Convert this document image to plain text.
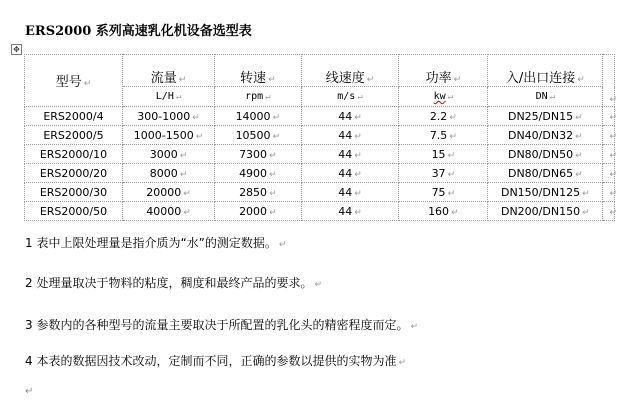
ERS2000 系列高速乳化机设备选型表
✥
型号 ↵	流量 ↵	转速 ↵	线速度 ↵	功率 ↵	入/出口连接 ↵	↵
	L/H ↵	rpm ↵	m/s ↵	kw ↵	DN ↵	
ERS2000/4	300-1000 ↵	14000 ↵	44 ↵	2.2 ↵	DN25/DN15 ↵	↵
ERS2000/5	1000-1500 ↵	10500 ↵	44 ↵	7.5 ↵	DN40/DN32 ↵	↵
ERS2000/10	3000 ↵	7300 ↵	44 ↵	15 ↵	DN80/DN50 ↵	↵
ERS2000/20	8000 ↵	4900 ↵	44 ↵	37 ↵	DN80/DN65 ↵	↵
ERS2000/30	20000 ↵	2850 ↵	44 ↵	75 ↵	DN150/DN125 ↵	↵
ERS2000/50	40000 ↵	2000 ↵	44 ↵	160 ↵	DN200/DN150 ↵	↵
1 表中上限处理量是指介质为“水”的测定数据。 ↵
2 处理量取决于物料的粘度，稠度和最终产品的要求。 ↵
3 参数内的各种型号的流量主要取决于所配置的乳化头的精密程度而定。 ↵
4 本表的数据因技术改动，定制而不同，正确的参数以提供的实物为准 ↵
↵
